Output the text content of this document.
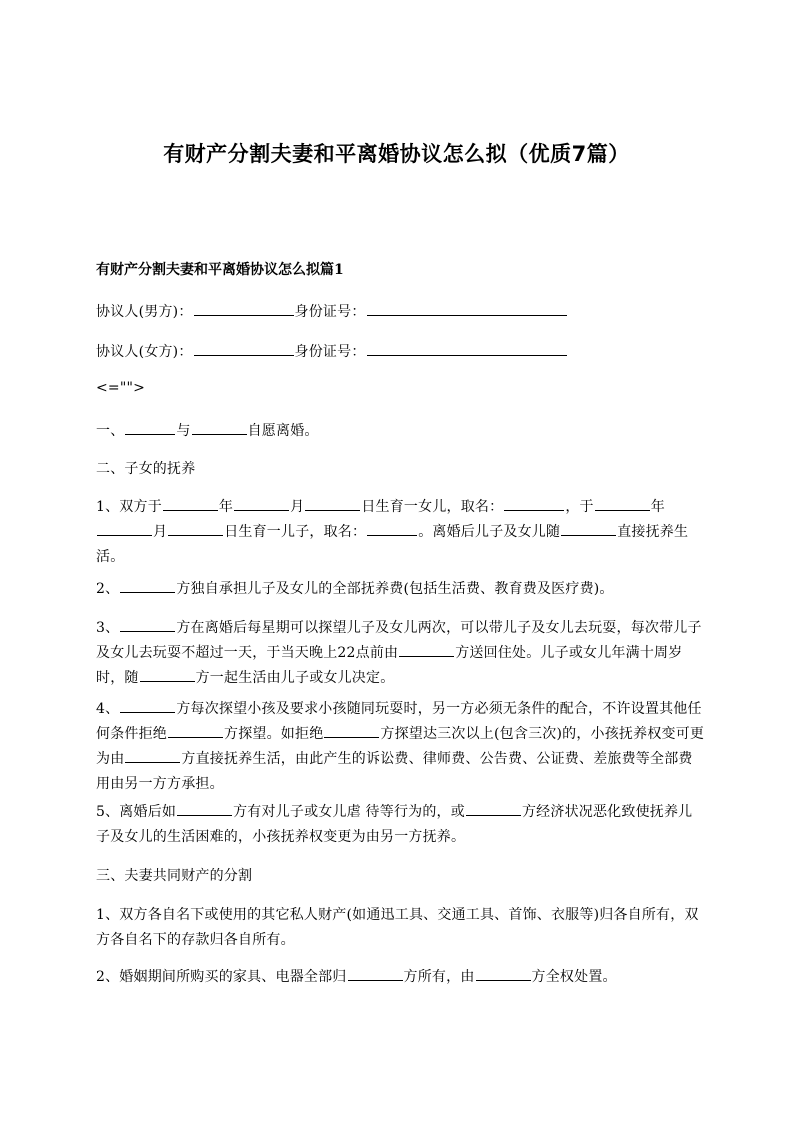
有财产分割夫妻和平离婚协议怎么拟（优质7篇）
有财产分割夫妻和平离婚协议怎么拟篇1
协议人(男方)：	身份证号：
协议人(女方)：	身份证号：
<="">
一、	与	自愿离婚。
二、子女的抚养
1、双方于	年	月	日生育一女儿，取名：	，于	年
月	日生育一儿子，取名：	。离婚后儿子及女儿随	直接抚养生活。
2、	方独自承担儿子及女儿的全部抚养费(包括生活费、教育费及医疗费)。
3、	方在离婚后每星期可以探望儿子及女儿两次，可以带儿子及女儿去玩耍，每次带儿子及女儿去玩耍不超过一天，于当天晚上22点前由	方送回住处。儿子或女儿年满十周岁时，随	方一起生活由儿子或女儿决定。
4、	方每次探望小孩及要求小孩随同玩耍时，另一方必须无条件的配合，不许设置其他任何条件拒绝	方探望。如拒绝	方探望达三次以上(包含三次)的，小孩抚养权变可更为由	方直接抚养生活，由此产生的诉讼费、律师费、公告费、公证费、差旅费等全部费用由另一方方承担。
5、离婚后如	方有对儿子或女儿虐 待等行为的，或	方经济状况恶化致使抚养儿子及女儿的生活困难的，小孩抚养权变更为由另一方抚养。
三、夫妻共同财产的分割
1、双方各自名下或使用的其它私人财产(如通迅工具、交通工具、首饰、衣服等)归各自所有，双方各自名下的存款归各自所有。
2、婚姻期间所购买的家具、电器全部归	方所有，由	方全权处置。
